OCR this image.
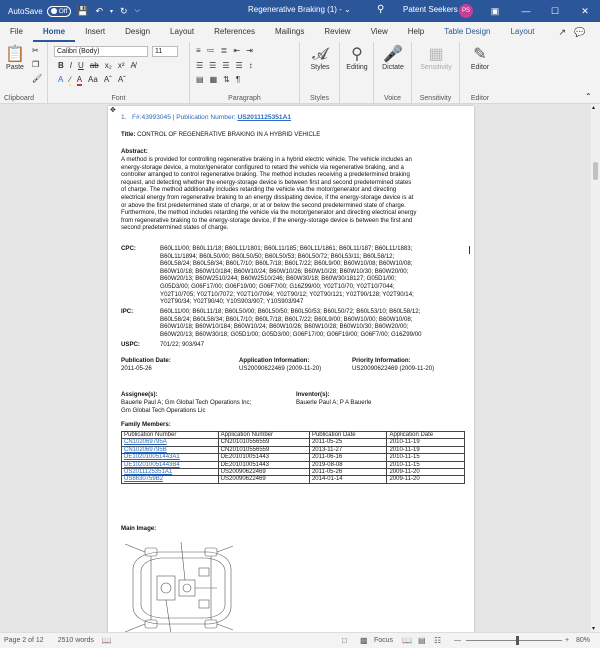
AutoSave Off 💾 ↶ ▾ ↻ ⌵	Regenerative Braking (1) - ⌄	⚲ Patent Seekers PS	▣	—	☐	✕
File	Home	Insert	Design	Layout	References	Mailings	Review	View	Help	Table Design	Layout	↗ 💬
📋
Paste
✂
❐
🖌
Clipboard
Calibri (Body)	11
B I U ab x₂ x² A̸
A ∕ A Aa Aˆ Aˇ
Font
≡ ≔ ≣ ⇤ ⇥
☰ ☰ ☰ ☰ ↕
▤ ▦ ⇅ ¶
Paragraph
𝓐
Styles
Styles
⚲
Editing
🎤
Dictate
Voice
▦
Sensitivity
Sensitivity
✎
Editor
Editor	⌃
✥
1. F#:43993045 | Publication Number: US2011125351A1
Title: CONTROL OF REGENERATIVE BRAKING IN A HYBRID VEHICLE
Abstract:
A method is provided for controlling regenerative braking in a hybrid electric vehicle. The vehicle includes an
energy-storage device, a motor/generator configured to retard the vehicle via regenerative braking, and a
controller arranged to control regenerative braking. The method includes receiving a predetermined braking
request, and detecting whether the energy-storage device is between first and second predetermined states
of charge. The method additionally includes retarding the vehicle via the motor/generator and directing
electrical energy from regenerative braking to an energy dissipating device, if the energy-storage device is at
or above the first predetermined state of charge, or at or below the second predetermined state of charge.
Furthermore, the method includes retarding the vehicle via the motor/generator and directing electrical energy
from regenerative braking to the energy-storage device, if the energy-storage device is between the first and
second predetermined states of charge.
CPC:	B60L11/00; B60L11/18; B60L11/1801; B60L11/185; B60L11/1861; B60L11/187; B60L11/1883;
B60L11/1894; B60L50/00; B60L50/50; B60L50/53; B60L50/72; B60L53/11; B60L58/12;
B60L58/24; B60L58/34; B60L7/10; B60L7/18; B60L7/22; B60L9/00; B60W10/08; B60W10/08;
B60W10/18; B60W10/184; B60W10/24; B60W10/26; B60W10/28; B60W10/30; B60W20/00;
B60W20/13; B60W2510/244; B60W2510/246; B60W30/18; B60W30/18127; G05D1/00;
G05D3/00; G06F17/00; G06F19/00; G06F7/00; G16Z99/00; Y02T10/70; Y02T10/7044;
Y02T10/705; Y02T10/7072; Y02T10/7094; Y02T90/12; Y02T90/121; Y02T90/128; Y02T90/14;
Y02T90/34; Y02T90/40; Y10S903/907; Y10S903/947
IPC:	B60L11/00; B60L11/18; B60L50/00; B60L50/50; B60L50/53; B60L50/72; B60L53/10; B60L58/12;
B60L58/24; B60L58/34; B60L7/10; B60L7/18; B60L7/22; B60L9/00; B60W10/00; B60W10/08;
B60W10/18; B60W10/184; B60W10/24; B60W10/26; B60W10/28; B60W10/30; B60W20/00;
B60W20/13; B60W30/18; G05D1/00; G05D3/00; G06F17/00; G06F19/00; G06F7/00; G16Z99/00
USPC:	701/22; 903/947
Publication Date:
2011-05-26
Application Information:
US20090622469 (2009-11-20)
Priority Information:
US20090622469 (2009-11-20)
Assignee(s):
Bauerle Paul A; Gm Global Tech Operations Inc;
Gm Global Tech Operations Llc
Inventor(s):
Bauerle Paul A; P A Bauerle
Family Members:
Publication Number	Application Number	Publication Date	Application Date
CN102069795A	CN201010556559	2011-05-25	2010-11-19
CN102069795B	CN201010556559	2013-11-27	2010-11-19
DE102010051443A1	DE201010051443	2011-06-16	2010-11-15
DE102010051443B4	DE201010051443	2019-08-08	2010-11-15
US2011125351A1	US20090622469	2011-05-26	2009-11-20
US8630759B2	US20090622469	2014-01-14	2009-11-20
Main Image:
▴
▾
Page 2 of 12 2510 words 📖	□ ▩ Focus 📖 ▤ ☷ —	+ 80%
